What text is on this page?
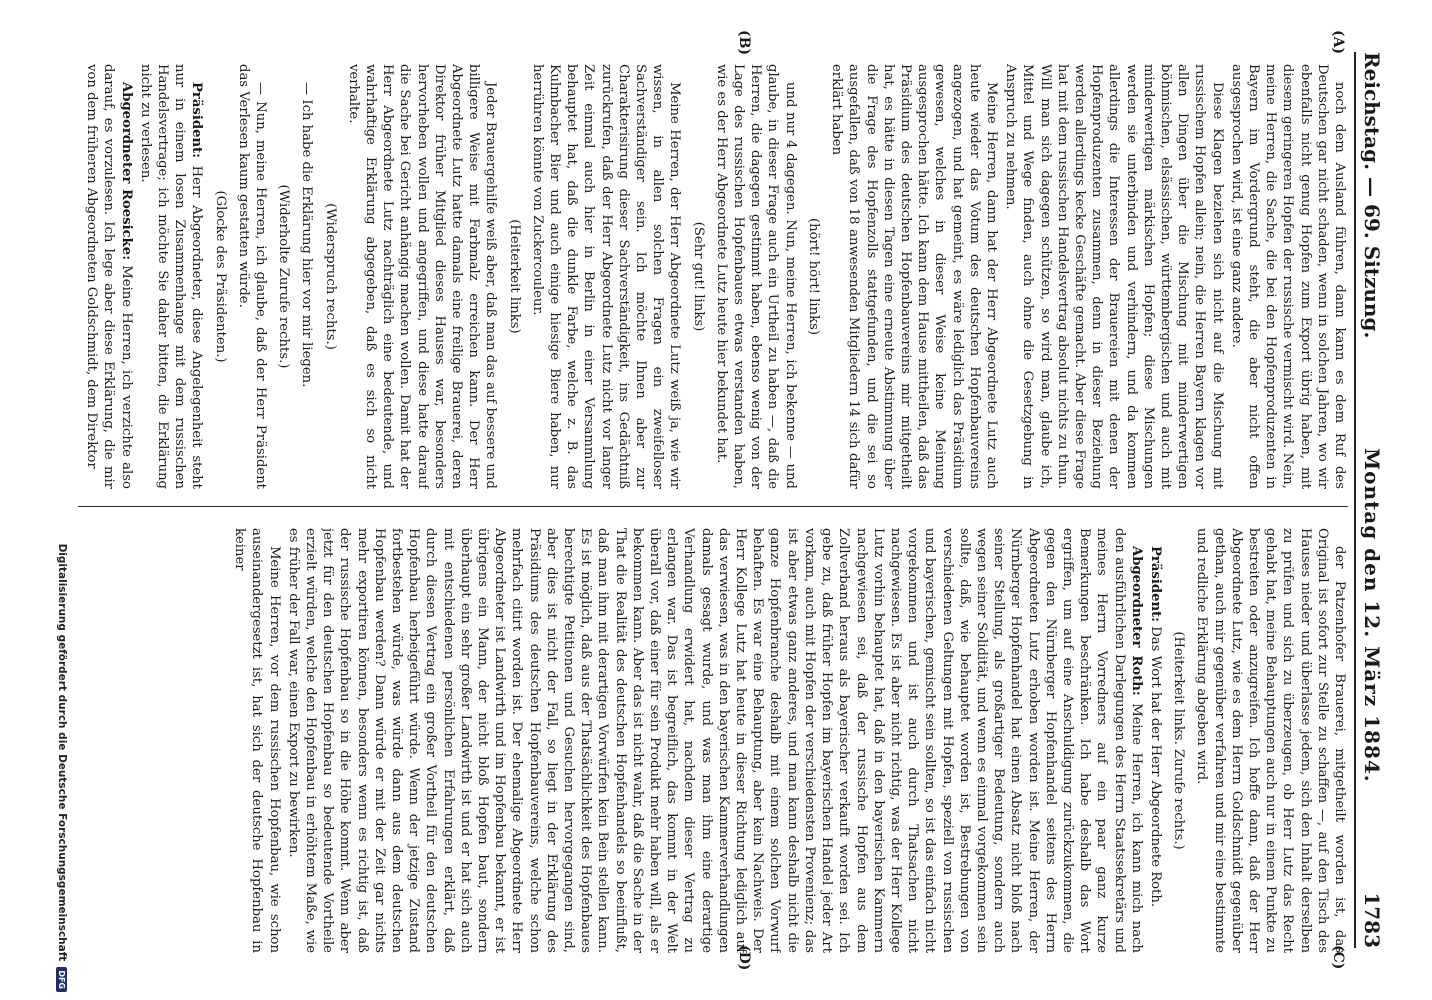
Reichstag. — 69. Sitzung.
Montag den 12. März 1884.
1783
(A)
(B)
(C)
(D)

noch dem Ausland führen, dann kann es dem Ruf des Deutschen gar nicht schaden, wenn in solchen Jahren, wo wir ebenfalls nicht genug Hopfen zum Export übrig haben, mit diesem geringeren Hopfen der russische vermischt wird. Nein, meine Herren, die Sache, die bei den Hopfenproduzenten in Bayern im Vordergrund steht, die aber nicht offen ausgesprochen wird, ist eine ganz andere.

Diese Klagen beziehen sich nicht auf die Mischung mit russischem Hopfen allein; nein, die Herren Bayern klagen vor allen Dingen über die Mischung mit minderwertigen böhmischen, elsässischen, württembergischen und auch mit minderwertigen märkischen Hopfen; diese Mischungen werden sie unterbinden und verhindern, und da kommen allerdings die Interessen der Brauereien mit denen der Hopfenproduzenten zusammen, denn in dieser Beziehung werden allerdings kecke Geschäfte gemacht. Aber diese Frage hat mit dem russischen Handelsvertrag absolut nichts zu thun. Will man sich dagegen schützen, so wird man, glaube ich, Mittel und Wege finden, auch ohne die Gesetzgebung in Anspruch zu nehmen.

Meine Herren, dann hat der Herr Abgeordnete Lutz auch heute wieder das Votum des deutschen Hopfenbauvereins angezogen, und hat gemeint, es wäre lediglich das Präsidium gewesen, welches in dieser Weise keine Meinung ausgesprochen hätte. Ich kann dem Hause mittheilen, daß das Präsidium des deutschen Hopfenbauvereins mir mitgetheilt hat, es hätte in diesen Tagen eine erneute Abstimmung über die Frage des Hopfenzolls stattgefunden, und die sei so ausgefallen, daß von 18 anwesenden Mitgliedern 14 sich dafür erklärt haben

(hört! hört! links)

und nur 4 dagegen. Nun, meine Herren, ich bekenne — und glaube, in dieser Frage auch ein Urtheil zu haben —, daß die Herren, die dagegen gestimmt haben, ebenso wenig von der Lage des russischen Hopfenbaues etwas verstanden haben, wie es der Herr Abgeordnete Lutz heute hier bekundet hat.

(Sehr gut! links)

Meine Herren, der Herr Abgeordnete Lutz weiß ja, wie wir wissen, in allen solchen Fragen ein zweifelloser Sachverständiger sein. Ich möchte Ihnen aber zur Charakterisirung dieser Sachverständigkeit, ins Gedächtniß zurückrufen, daß der Herr Abgeordnete Lutz nicht vor langer Zeit einmal auch hier in Berlin in einer Versammlung behauptet hat, daß die dunkle Farbe, welche z. B. das Kulmbacher Bier und auch einige hiesige Biere haben, nur herrühren könnte von Zuckercouleur.

(Heiterkeit links)

Jeder Brauergehilfe weiß aber, daß man das auf bessere und billigere Weise mit Farbmalz erreichen kann. Der Herr Abgeordnete Lutz hatte damals eine freilige Brauerei, deren Direktor früher Mitglied dieses Hauses war, besonders hervorheben wollen und angegriffen, und diese hatte darauf die Sache bei Gericht anhängig machen wollen. Damit hat der Herr Abgeordnete Lutz nachträglich eine bedeutende, und wahrhaftige Erklärung abgegeben, daß es sich so nicht verhalte.

(Widerspruch rechts.)

— Ich habe die Erklärung hier vor mir liegen.

(Widerholte Zurufe rechts.)

— Nun, meine Herren, ich glaube, daß der Herr Präsident das Verlesen kaum gestatten würde.

(Glocke des Präsidenten.)

Präsident: Herr Abgeordneter, diese Angelegenheit steht nur in einem losen Zusammenhange mit dem russischen Handelsvertrage; ich möchte Sie daher bitten, die Erklärung nicht zu verlesen.

Abgeordneter Roesicke: Meine Herren, ich verzichte also darauf, es vorzulesen. Ich lege aber diese Erklärung, die mir von dem früheren Abgeordneten Goldschmidt, dem Direktor

der Patzenhofer Brauerei, mitgetheilt worden ist, das Original ist sofort zur Stelle zu schaffen —, auf den Tisch des Hauses nieder und überlasse jedem, sich den Inhalt derselben zu prüfen und sich zu überzeugen, ob Herr Lutz das Recht gehabt hat, meine Behauptungen auch nur in einem Punkte zu bestreiten oder anzugreifen. Ich hoffe dann, daß der Herr Abgeordnete Lutz, wie es dem Herrn Goldschmidt gegenüber gethan, auch mir gegenüber verfahren und mir eine bestimmte und redliche Erklärung abgeben wird.

(Heiterkeit links. Zurufe rechts.)

Präsident: Das Wort hat der Herr Abgeordnete Roth.

Abgeordneter Roth: Meine Herren, ich kann mich nach den ausführlichen Darlegungen des Herrn Staatssekretärs und meines Herrn Vorredners auf ein paar ganz kurze Bemerkungen beschränken. Ich habe deshalb das Wort ergriffen, um auf eine Anschuldigung zurückzukommen, die gegen den Nürnberger Hopfenhandel seitens des Herrn Abgeordneten Lutz erhoben worden ist. Meine Herren, der Nürnberger Hopfenhandel hat einen Absatz nicht bloß nach seiner Stellung, als großartiger Bedeutung, sondern auch wegen seiner Solidität, und wenn es einmal vorgekommen sein sollte, daß, wie behauptet worden ist, Bestrebungen von verschiedenen Geltungen mit Hopfen, speziell von russischen und bayerischen, gemischt sein sollten, so ist das einfach nicht vorgekommen und ist auch durch Thatsachen nicht nachgewiesen. Es ist aber nicht richtig, was der Herr Kollege Lutz vorhin behauptet hat, daß in den bayerischen Kammern nachgewiesen sei, daß der russische Hopfen aus dem Zollverband heraus als bayerischer verkauft worden sei. Ich gebe zu, daß früher Hopfen im bayerischen Handel jeder Art vorkam, auch mit Hopfen der verschiedensten Provenienz; das ist aber etwas ganz anderes, und man kann deshalb nicht die ganze Hopfenbranche deshalb mit einem solchen Vorwurf behaften. Es war eine Behauptung, aber kein Nachweis. Der Herr Kollege Lutz hat heute in dieser Richtung lediglich auf das verwiesen, was in den bayerischen Kammerverhandlungen damals gesagt wurde, und was man ihm eine derartige Verhandlung erwidert hat, nachdem dieser Vertrag zu erlangen war. Das ist begreiflich, das kommt in der Welt überall vor, daß einer für sein Produkt mehr haben will, als er bekommen kann. Aber das ist nicht wahr, daß die Sache in der That die Realität des deutschen Hopfenhandels so beeinflußt, daß man ihm mit derartigen Vorwürfen kein Bein stellen kann. Es ist möglich, daß aus der Thatsächlichkeit des Hopfenbaues berechtigte Petitionen und Gesuchen hervorgegangen sind, aber dies ist nicht der Fall, so liegt in der Erklärung des Präsidiums des deutschen Hopfenbauvereins, welche schon mehrfach citirt worden ist. Der ehemalige Abgeordnete Herr Abgeordneter ist Landwirth und im Hopfenbau bekannt, er ist übrigens ein Mann, der nicht bloß Hopfen baut, sondern überhaupt ein sehr großer Landwirth ist und er hat sich auch mit entschiedenen persönlichen Erfahrungen erklärt, daß durch diesen Vertrag ein großer Vortheil für den deutschen Hopfenbau herbeigeführt würde. Wenn der jetzige Zustand fortbestehen würde, was würde dann aus dem deutschen Hopfenbau werden? Dann würde er mit der Zeit gar nichts mehr exportiren können, besonders wenn es richtig ist, daß der russische Hopfenbau so in die Höhe kommt. Wenn aber jetzt für den deutschen Hopfenbau so bedeutende Vortheile erzielt würden, welche den Hopfenbau in erhöhtem Maße, wie es früher der Fall war, einen Export zu bewirken.

Meine Herren, vor dem russischen Hopfenbau, wie schon auseinandergesetzt ist, hat sich der deutsche Hopfenbau in keiner

Digitalisierung gefördert durch die Deutsche Forschungsgemeinschaft
DFG
